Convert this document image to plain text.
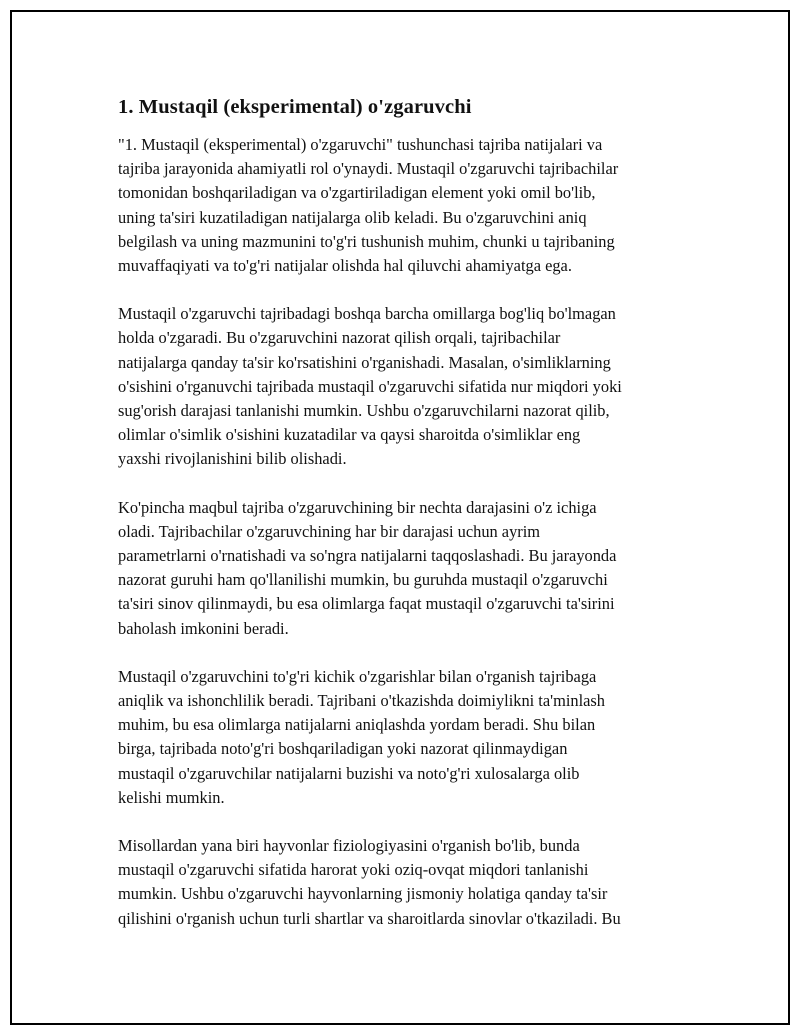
1. Mustaqil (eksperimental) o'zgaruvchi

"1. Mustaqil (eksperimental) o'zgaruvchi" tushunchasi tajriba natijalari va
tajriba jarayonida ahamiyatli rol o'ynaydi. Mustaqil o'zgaruvchi tajribachilar
tomonidan boshqariladigan va o'zgartiriladigan element yoki omil bo'lib,
uning ta'siri kuzatiladigan natijalarga olib keladi. Bu o'zgaruvchini aniq
belgilash va uning mazmunini to'g'ri tushunish muhim, chunki u tajribaning
muvaffaqiyati va to'g'ri natijalar olishda hal qiluvchi ahamiyatga ega.

Mustaqil o'zgaruvchi tajribadagi boshqa barcha omillarga bog'liq bo'lmagan
holda o'zgaradi. Bu o'zgaruvchini nazorat qilish orqali, tajribachilar
natijalarga qanday ta'sir ko'rsatishini o'rganishadi. Masalan, o'simliklarning
o'sishini o'rganuvchi tajribada mustaqil o'zgaruvchi sifatida nur miqdori yoki
sug'orish darajasi tanlanishi mumkin. Ushbu o'zgaruvchilarni nazorat qilib,
olimlar o'simlik o'sishini kuzatadilar va qaysi sharoitda o'simliklar eng
yaxshi rivojlanishini bilib olishadi.

Ko'pincha maqbul tajriba o'zgaruvchining bir nechta darajasini o'z ichiga
oladi. Tajribachilar o'zgaruvchining har bir darajasi uchun ayrim
parametrlarni o'rnatishadi va so'ngra natijalarni taqqoslashadi. Bu jarayonda
nazorat guruhi ham qo'llanilishi mumkin, bu guruhda mustaqil o'zgaruvchi
ta'siri sinov qilinmaydi, bu esa olimlarga faqat mustaqil o'zgaruvchi ta'sirini
baholash imkonini beradi.

Mustaqil o'zgaruvchini to'g'ri kichik o'zgarishlar bilan o'rganish tajribaga
aniqlik va ishonchlilik beradi. Tajribani o'tkazishda doimiylikni ta'minlash
muhim, bu esa olimlarga natijalarni aniqlashda yordam beradi. Shu bilan
birga, tajribada noto'g'ri boshqariladigan yoki nazorat qilinmaydigan
mustaqil o'zgaruvchilar natijalarni buzishi va noto'g'ri xulosalarga olib
kelishi mumkin.

Misollardan yana biri hayvonlar fiziologiyasini o'rganish bo'lib, bunda
mustaqil o'zgaruvchi sifatida harorat yoki oziq-ovqat miqdori tanlanishi
mumkin. Ushbu o'zgaruvchi hayvonlarning jismoniy holatiga qanday ta'sir
qilishini o'rganish uchun turli shartlar va sharoitlarda sinovlar o'tkaziladi. Bu
